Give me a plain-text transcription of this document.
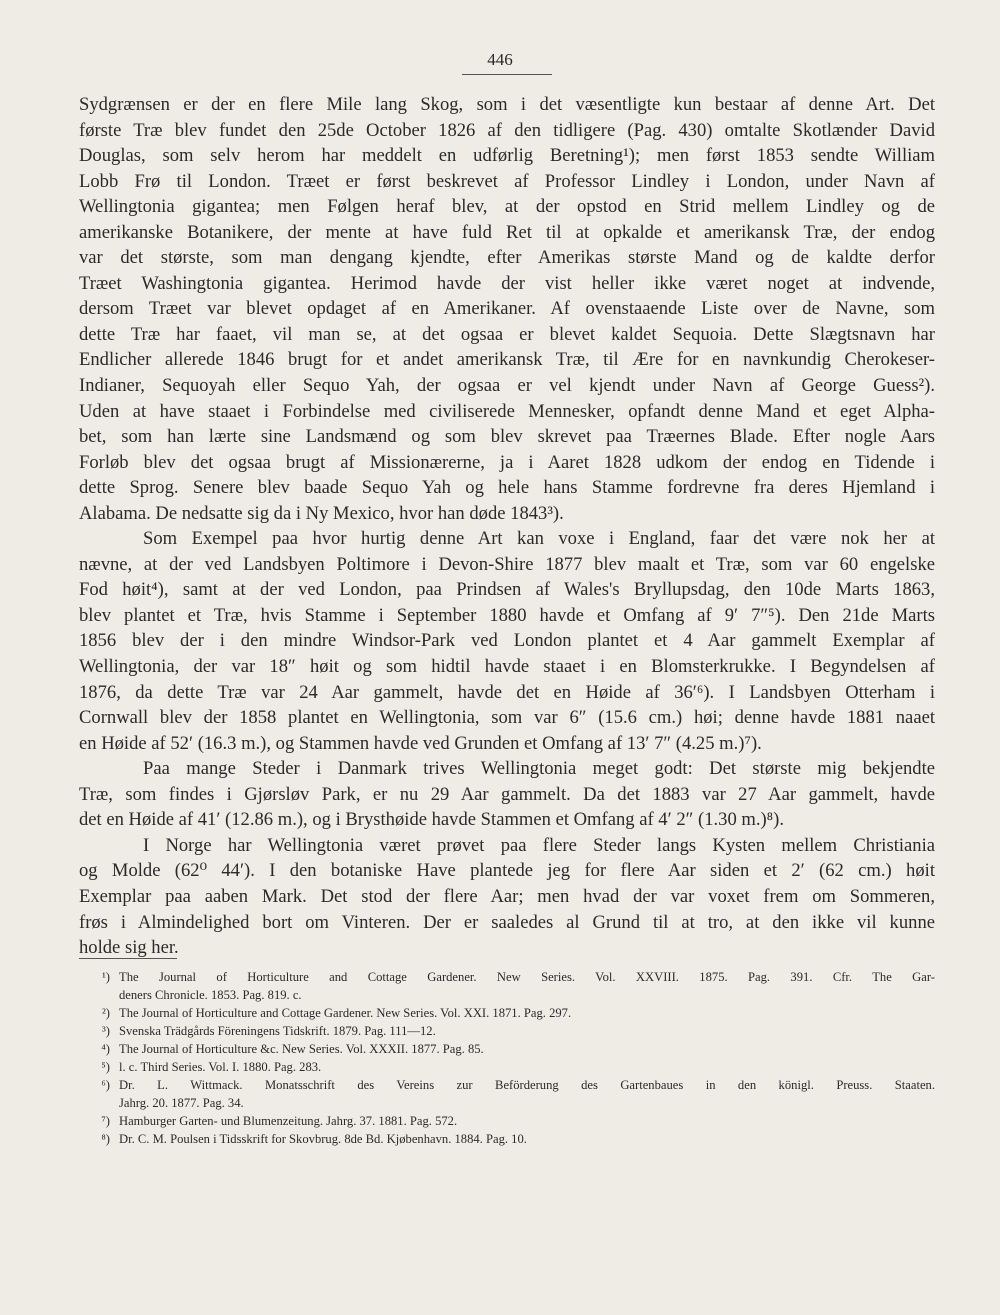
446
Sydgrænsen er der en flere Mile lang Skog, som i det væsentligte kun bestaar af denne Art. Det
første Træ blev fundet den 25de October 1826 af den tidligere (Pag. 430) omtalte Skotlænder David
Douglas, som selv herom har meddelt en udførlig Beretning¹); men først 1853 sendte William
Lobb Frø til London. Træet er først beskrevet af Professor Lindley i London, under Navn af
Wellingtonia gigantea; men Følgen heraf blev, at der opstod en Strid mellem Lindley og de
amerikanske Botanikere, der mente at have fuld Ret til at opkalde et amerikansk Træ, der endog
var det største, som man dengang kjendte, efter Amerikas største Mand og de kaldte derfor
Træet Washingtonia gigantea. Herimod havde der vist heller ikke været noget at indvende,
dersom Træet var blevet opdaget af en Amerikaner. Af ovenstaaende Liste over de Navne, som
dette Træ har faaet, vil man se, at det ogsaa er blevet kaldet Sequoia. Dette Slægtsnavn har
Endlicher allerede 1846 brugt for et andet amerikansk Træ, til Ære for en navnkundig Cherokeser-
Indianer, Sequoyah eller Sequo Yah, der ogsaa er vel kjendt under Navn af George Guess²).
Uden at have staaet i Forbindelse med civiliserede Mennesker, opfandt denne Mand et eget Alpha-
bet, som han lærte sine Landsmænd og som blev skrevet paa Træernes Blade. Efter nogle Aars
Forløb blev det ogsaa brugt af Missionærerne, ja i Aaret 1828 udkom der endog en Tidende i
dette Sprog. Senere blev baade Sequo Yah og hele hans Stamme fordrevne fra deres Hjemland i
Alabama. De nedsatte sig da i Ny Mexico, hvor han døde 1843³).
Som Exempel paa hvor hurtig denne Art kan voxe i England, faar det være nok her at
nævne, at der ved Landsbyen Poltimore i Devon-Shire 1877 blev maalt et Træ, som var 60 engelske
Fod høit⁴), samt at der ved London, paa Prindsen af Wales's Bryllupsdag, den 10de Marts 1863,
blev plantet et Træ, hvis Stamme i September 1880 havde et Omfang af 9′ 7″⁵). Den 21de Marts
1856 blev der i den mindre Windsor-Park ved London plantet et 4 Aar gammelt Exemplar af
Wellingtonia, der var 18″ høit og som hidtil havde staaet i en Blomsterkrukke. I Begyndelsen af
1876, da dette Træ var 24 Aar gammelt, havde det en Høide af 36′⁶). I Landsbyen Otterham i
Cornwall blev der 1858 plantet en Wellingtonia, som var 6″ (15.6 cm.) høi; denne havde 1881 naaet
en Høide af 52′ (16.3 m.), og Stammen havde ved Grunden et Omfang af 13′ 7″ (4.25 m.)⁷).
Paa mange Steder i Danmark trives Wellingtonia meget godt: Det største mig bekjendte
Træ, som findes i Gjørsløv Park, er nu 29 Aar gammelt. Da det 1883 var 27 Aar gammelt, havde
det en Høide af 41′ (12.86 m.), og i Brysthøide havde Stammen et Omfang af 4′ 2″ (1.30 m.)⁸).
I Norge har Wellingtonia været prøvet paa flere Steder langs Kysten mellem Christiania
og Molde (62⁰ 44′). I den botaniske Have plantede jeg for flere Aar siden et 2′ (62 cm.) høit
Exemplar paa aaben Mark. Det stod der flere Aar; men hvad der var voxet frem om Sommeren,
frøs i Almindelighed bort om Vinteren. Der er saaledes al Grund til at tro, at den ikke vil kunne
holde sig her.
¹) The Journal of Horticulture and Cottage Gardener. New Series. Vol. XXVIII. 1875. Pag. 391. Cfr. The Gar-
deners Chronicle. 1853. Pag. 819. c.
²) The Journal of Horticulture and Cottage Gardener. New Series. Vol. XXI. 1871. Pag. 297.
³) Svenska Trädgårds Föreningens Tidskrift. 1879. Pag. 111—12.
⁴) The Journal of Horticulture &c. New Series. Vol. XXXII. 1877. Pag. 85.
⁵) l. c. Third Series. Vol. I. 1880. Pag. 283.
⁶) Dr. L. Wittmack. Monatsschrift des Vereins zur Beförderung des Gartenbaues in den königl. Preuss. Staaten.
Jahrg. 20. 1877. Pag. 34.
⁷) Hamburger Garten- und Blumenzeitung. Jahrg. 37. 1881. Pag. 572.
⁸) Dr. C. M. Poulsen i Tidsskrift for Skovbrug. 8de Bd. Kjøbenhavn. 1884. Pag. 10.
